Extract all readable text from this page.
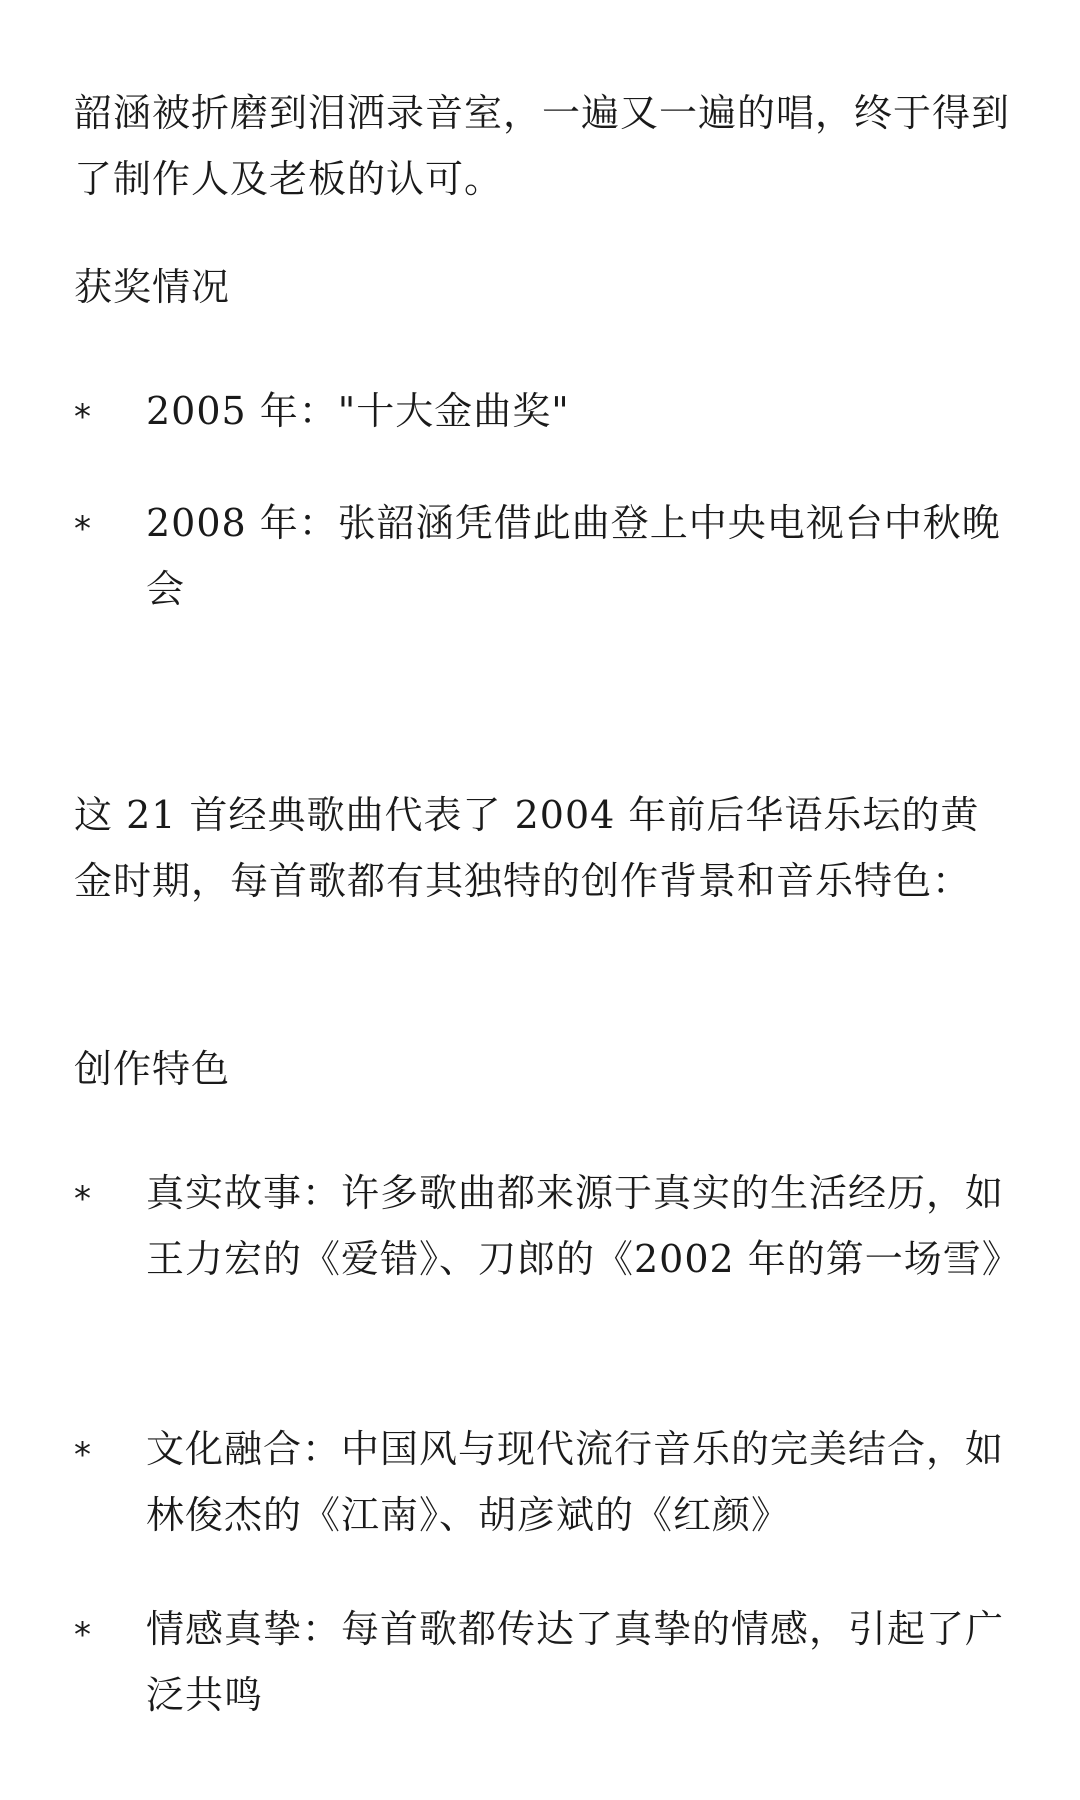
韶涵被折磨到泪洒录音室，一遍又一遍的唱，终于得到了制作人及老板的认可。

获奖情况

*	2005 年："十大金曲奖"
*	2008 年：张韶涵凭借此曲登上中央电视台中秋晚会

这 21 首经典歌曲代表了 2004 年前后华语乐坛的黄金时期，每首歌都有其独特的创作背景和音乐特色：

创作特色

*	真实故事：许多歌曲都来源于真实的生活经历，如王力宏的《爱错》、刀郎的《2002 年的第一场雪》
*	文化融合：中国风与现代流行音乐的完美结合，如林俊杰的《江南》、胡彦斌的《红颜》
*	情感真挚：每首歌都传达了真挚的情感，引起了广泛共鸣
